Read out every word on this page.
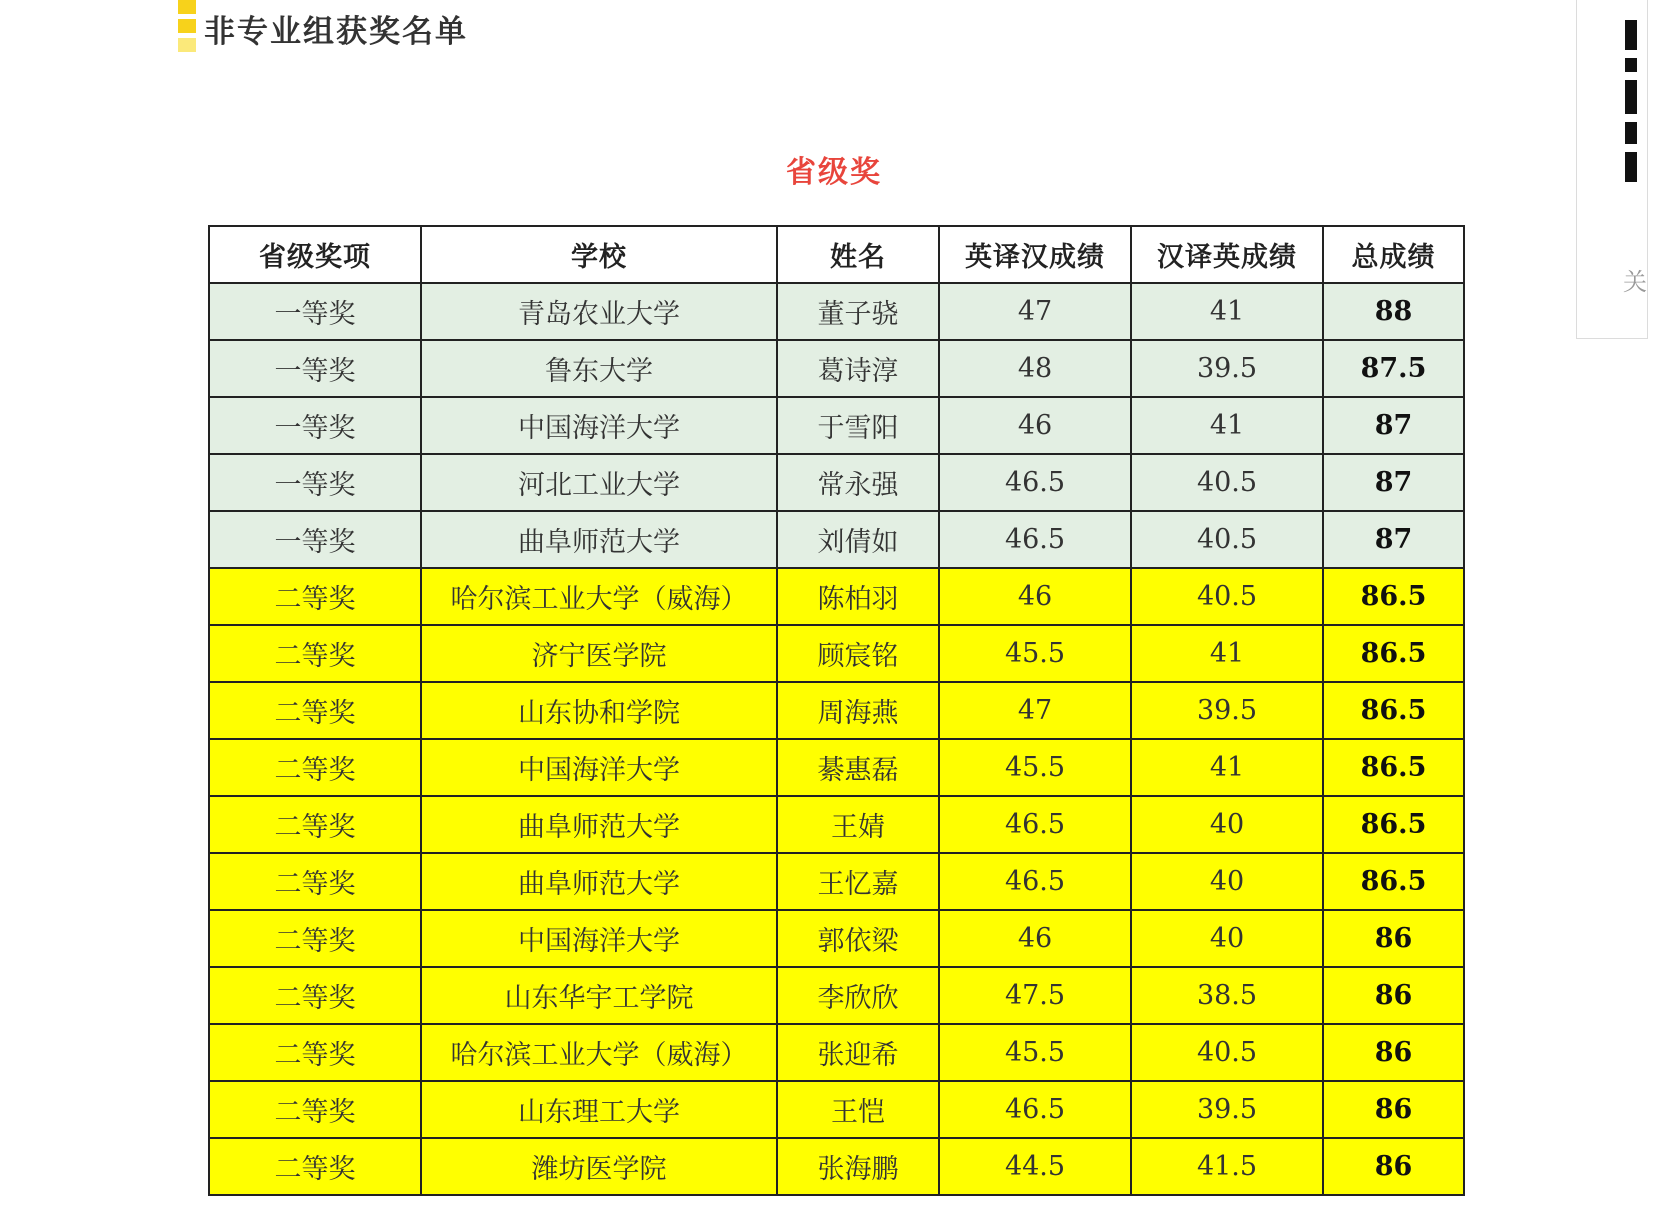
非专业组获奖名单
省级奖
省级奖项	学校	姓名	英译汉成绩	汉译英成绩	总成绩
一等奖	青岛农业大学	董子骁	47	41	88
一等奖	鲁东大学	葛诗淳	48	39.5	87.5
一等奖	中国海洋大学	于雪阳	46	41	87
一等奖	河北工业大学	常永强	46.5	40.5	87
一等奖	曲阜师范大学	刘倩如	46.5	40.5	87
二等奖	哈尔滨工业大学（威海）	陈柏羽	46	40.5	86.5
二等奖	济宁医学院	顾宸铭	45.5	41	86.5
二等奖	山东协和学院	周海燕	47	39.5	86.5
二等奖	中国海洋大学	綦惠磊	45.5	41	86.5
二等奖	曲阜师范大学	王婧	46.5	40	86.5
二等奖	曲阜师范大学	王忆嘉	46.5	40	86.5
二等奖	中国海洋大学	郭依梁	46	40	86
二等奖	山东华宇工学院	李欣欣	47.5	38.5	86
二等奖	哈尔滨工业大学（威海）	张迎希	45.5	40.5	86
二等奖	山东理工大学	王恺	46.5	39.5	86
二等奖	潍坊医学院	张海鹏	44.5	41.5	86
关
